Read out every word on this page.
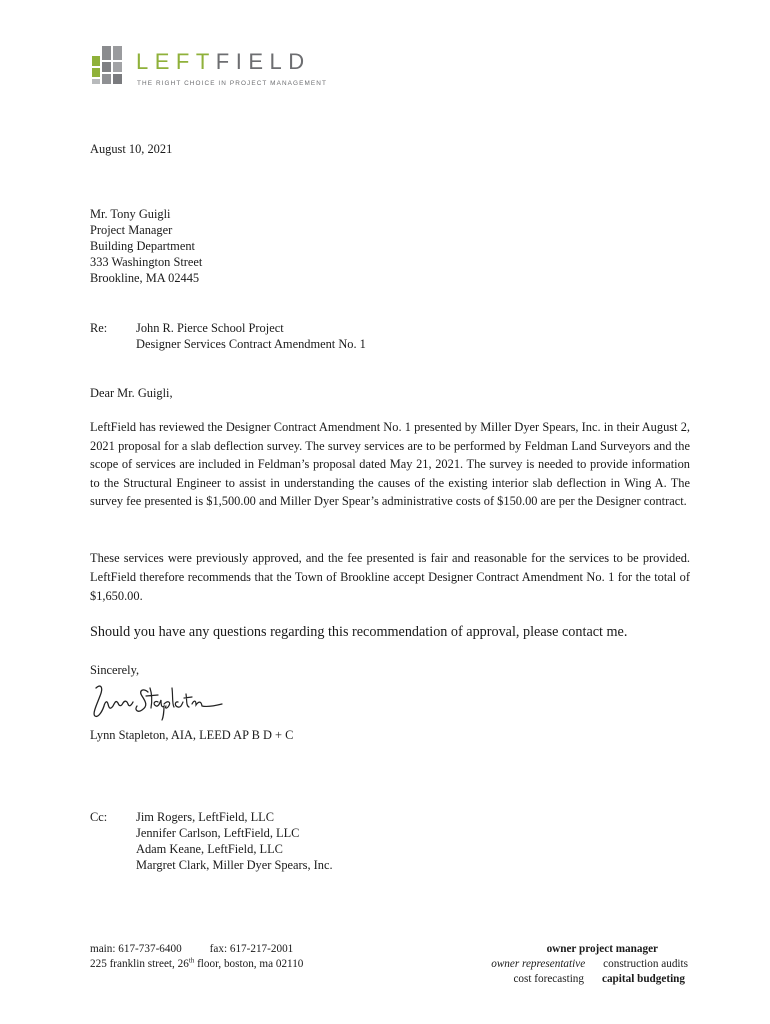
LEFTFIELD
THE RIGHT CHOICE IN PROJECT MANAGEMENT
August 10, 2021
Mr. Tony Guigli
Project Manager
Building Department
333 Washington Street
Brookline, MA 02445
Re: John R. Pierce School Project
Designer Services Contract Amendment No. 1
Dear Mr. Guigli,
LeftField has reviewed the Designer Contract Amendment No. 1 presented by Miller Dyer Spears, Inc. in their August 2, 2021 proposal for a slab deflection survey. The survey services are to be performed by Feldman Land Surveyors and the scope of services are included in Feldman’s proposal dated May 21, 2021. The survey is needed to provide information to the Structural Engineer to assist in understanding the causes of the existing interior slab deflection in Wing A. The survey fee presented is $1,500.00 and Miller Dyer Spear’s administrative costs of $150.00 are per the Designer contract.
These services were previously approved, and the fee presented is fair and reasonable for the services to be provided. LeftField therefore recommends that the Town of Brookline accept Designer Contract Amendment No. 1 for the total of $1,650.00.
Should you have any questions regarding this recommendation of approval, please contact me.
Sincerely,
Lynn Stapleton, AIA, LEED AP B D + C
Cc: Jim Rogers, LeftField, LLC
Jennifer Carlson, LeftField, LLC
Adam Keane, LeftField, LLC
Margret Clark, Miller Dyer Spears, Inc.
main: 617-737-6400	fax: 617-217-2001
225 franklin street, 26th floor, boston, ma 02110
owner project manager
owner representative construction audits
cost forecasting capital budgeting
